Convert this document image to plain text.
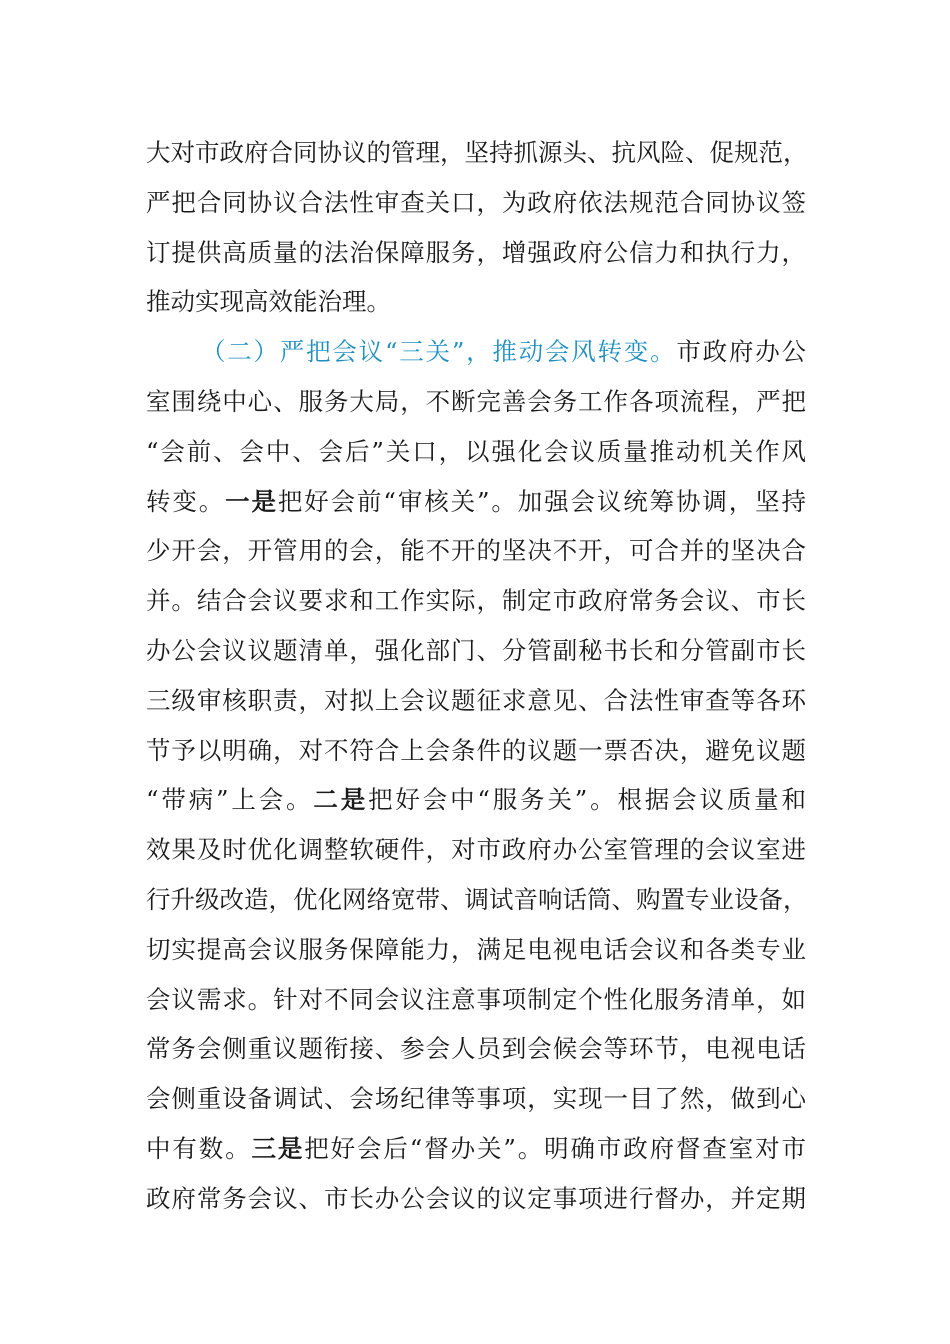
大对市政府合同协议的管理，坚持抓源头、抗风险、促规范，
严把合同协议合法性审查关口，为政府依法规范合同协议签
订提供高质量的法治保障服务，增强政府公信力和执行力，
推动实现高效能治理。
（二）严把会议“三关”，推动会风转变。市政府办公
室围绕中心、服务大局，不断完善会务工作各项流程，严把
“会前、会中、会后”关口，以强化会议质量推动机关作风
转变。一是把好会前“审核关”。加强会议统筹协调，坚持
少开会，开管用的会，能不开的坚决不开，可合并的坚决合
并。结合会议要求和工作实际，制定市政府常务会议、市长
办公会议议题清单，强化部门、分管副秘书长和分管副市长
三级审核职责，对拟上会议题征求意见、合法性审查等各环
节予以明确，对不符合上会条件的议题一票否决，避免议题
“带病”上会。二是把好会中“服务关”。根据会议质量和
效果及时优化调整软硬件，对市政府办公室管理的会议室进
行升级改造，优化网络宽带、调试音响话筒、购置专业设备，
切实提高会议服务保障能力，满足电视电话会议和各类专业
会议需求。针对不同会议注意事项制定个性化服务清单，如
常务会侧重议题衔接、参会人员到会候会等环节，电视电话
会侧重设备调试、会场纪律等事项，实现一目了然，做到心
中有数。三是把好会后“督办关”。明确市政府督查室对市
政府常务会议、市长办公会议的议定事项进行督办，并定期
